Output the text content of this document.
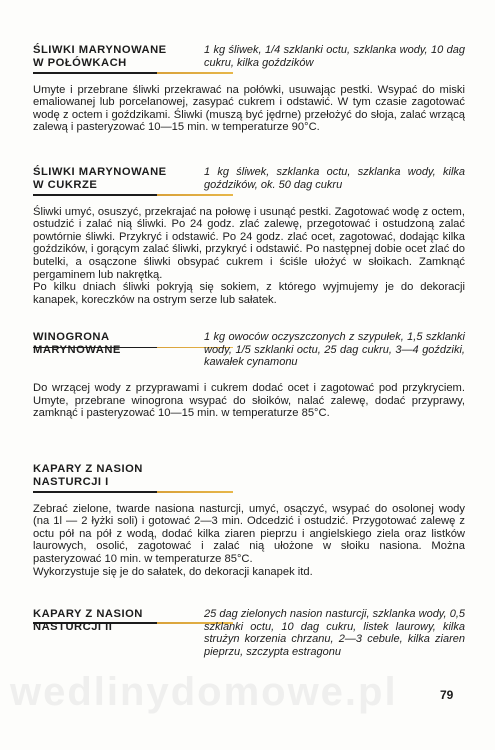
ŚLIWKI MARYNOWANE
W POŁÓWKACH
1 kg śliwek, 1/4 szklanki octu, szklanka wody, 10 dag cukru, kilka goździków

Umyte i przebrane śliwki przekrawać na połówki, usuwając pestki. Wsypać do miski emaliowanej lub porcelanowej, zasypać cukrem i odstawić. W tym czasie zagotować wodę z octem i goździkami. Śliwki (muszą być jędrne) przełożyć do słoja, zalać wrzącą zalewą i pasteryzować 10—15 min. w temperaturze 90°C.

ŚLIWKI MARYNOWANE
W CUKRZE
1 kg śliwek, szklanka octu, szklanka wody, kilka goździków, ok. 50 dag cukru

Śliwki umyć, osuszyć, przekrajać na połowę i usunąć pestki. Zagotować wodę z octem, ostudzić i zalać nią śliwki. Po 24 godz. zlać zalewę, przegotować i ostudzoną zalać powtórnie śliwki. Przykryć i odstawić. Po 24 godz. zlać ocet, zagotować, dodając kilka goździków, i gorącym zalać śliwki, przykryć i odstawić. Po następnej dobie ocet zlać do butelki, a osączone śliwki obsypać cukrem i ściśle ułożyć w słoikach. Zamknąć pergaminem lub nakrętką.

Po kilku dniach śliwki pokryją się sokiem, z którego wyjmujemy je do dekoracji kanapek, koreczków na ostrym serze lub sałatek.

WINOGRONA
MARYNOWANE
1 kg owoców oczyszczonych z szypułek, 1,5 szklanki wody, 1/5 szklanki octu, 25 dag cukru, 3—4 goździki, kawałek cynamonu

Do wrzącej wody z przyprawami i cukrem dodać ocet i zagotować pod przykryciem. Umyte, przebrane winogrona wsypać do słoików, nalać zalewę, dodać przyprawy, zamknąć i pasteryzować 10—15 min. w temperaturze 85°C.

KAPARY Z NASION
NASTURCJI I

Zebrać zielone, twarde nasiona nasturcji, umyć, osączyć, wsypać do osolonej wody (na 1l — 2 łyżki soli) i gotować 2—3 min. Odcedzić i ostudzić. Przygotować zalewę z octu pół na pół z wodą, dodać kilka ziaren pieprzu i angielskiego ziela oraz listków laurowych, osolić, zagotować i zalać nią ułożone w słoiku nasiona. Można pasteryzować 10 min. w temperaturze 85°C.

Wykorzystuje się je do sałatek, do dekoracji kanapek itd.

KAPARY Z NASION
NASTURCJI II
25 dag zielonych nasion nasturcji, szklanka wody, 0,5 szklanki octu, 10 dag cukru, listek laurowy, kilka strużyn korzenia chrzanu, 2—3 cebule, kilka ziaren pieprzu, szczypta estragonu
wedlinydomowe.pl	79
